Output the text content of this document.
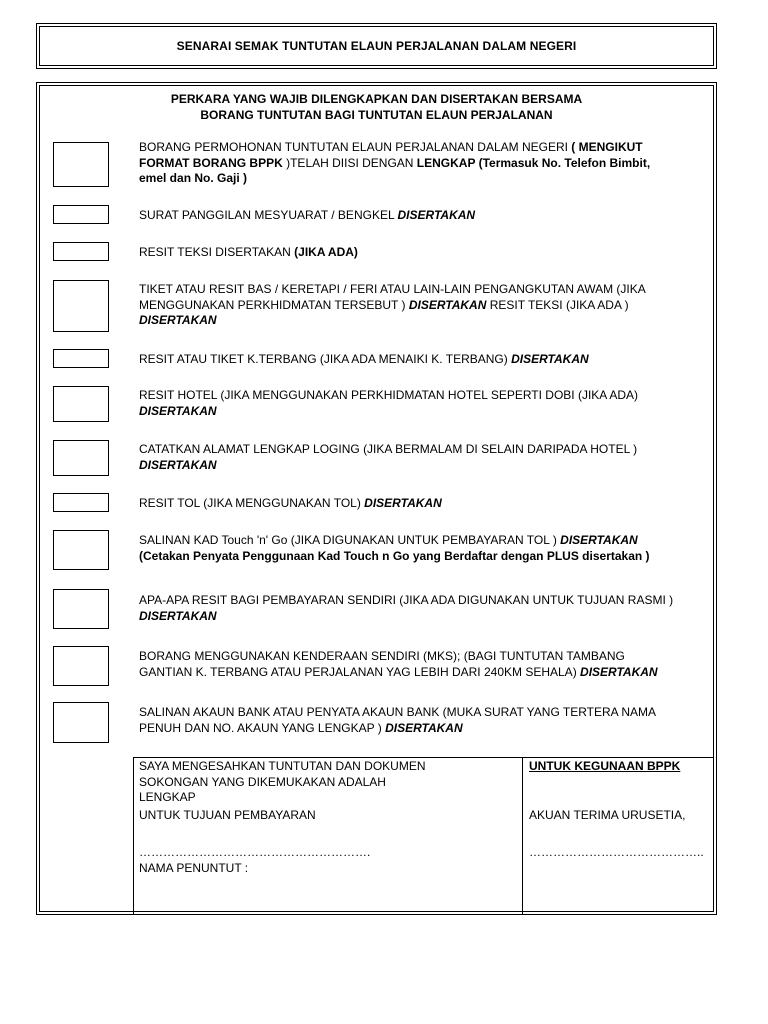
SENARAI SEMAK TUNTUTAN ELAUN PERJALANAN DALAM NEGERI
PERKARA YANG WAJIB DILENGKAPKAN DAN DISERTAKAN BERSAMA
BORANG TUNTUTAN BAGI TUNTUTAN ELAUN PERJALANAN
BORANG PERMOHONAN TUNTUTAN ELAUN PERJALANAN DALAM NEGERI ( MENGIKUT
FORMAT BORANG BPPK )TELAH DIISI DENGAN LENGKAP (Termasuk No. Telefon Bimbit,
emel dan No. Gaji )
SURAT PANGGILAN MESYUARAT / BENGKEL DISERTAKAN
RESIT TEKSI DISERTAKAN (JIKA ADA)
TIKET ATAU RESIT BAS / KERETAPI / FERI ATAU LAIN-LAIN PENGANGKUTAN AWAM (JIKA
MENGGUNAKAN PERKHIDMATAN TERSEBUT ) DISERTAKAN RESIT TEKSI (JIKA ADA )
DISERTAKAN
RESIT ATAU TIKET K.TERBANG (JIKA ADA MENAIKI K. TERBANG) DISERTAKAN
RESIT HOTEL (JIKA MENGGUNAKAN PERKHIDMATAN HOTEL SEPERTI DOBI (JIKA ADA)
DISERTAKAN
CATATKAN ALAMAT LENGKAP LOGING (JIKA BERMALAM DI SELAIN DARIPADA HOTEL )
DISERTAKAN
RESIT TOL (JIKA MENGGUNAKAN TOL) DISERTAKAN
SALINAN KAD Touch 'n' Go (JIKA DIGUNAKAN UNTUK PEMBAYARAN TOL ) DISERTAKAN
(Cetakan Penyata Penggunaan Kad Touch n Go yang Berdaftar dengan PLUS disertakan )
APA-APA RESIT BAGI PEMBAYARAN SENDIRI (JIKA ADA DIGUNAKAN UNTUK TUJUAN RASMI )
DISERTAKAN
BORANG MENGGUNAKAN KENDERAAN SENDIRI (MKS); (BAGI TUNTUTAN TAMBANG
GANTIAN K. TERBANG ATAU PERJALANAN YAG LEBIH DARI 240KM SEHALA) DISERTAKAN
SALINAN AKAUN BANK ATAU PENYATA AKAUN BANK (MUKA SURAT YANG TERTERA NAMA
PENUH DAN NO. AKAUN YANG LENGKAP ) DISERTAKAN
SAYA MENGESAHKAN TUNTUTAN DAN DOKUMEN
SOKONGAN YANG DIKEMUKAKAN ADALAH
LENGKAP
UNTUK TUJUAN PEMBAYARAN
………………………………………………….
NAMA PENUNTUT :
UNTUK KEGUNAAN BPPK
AKUAN TERIMA URUSETIA,
……………………………………..
